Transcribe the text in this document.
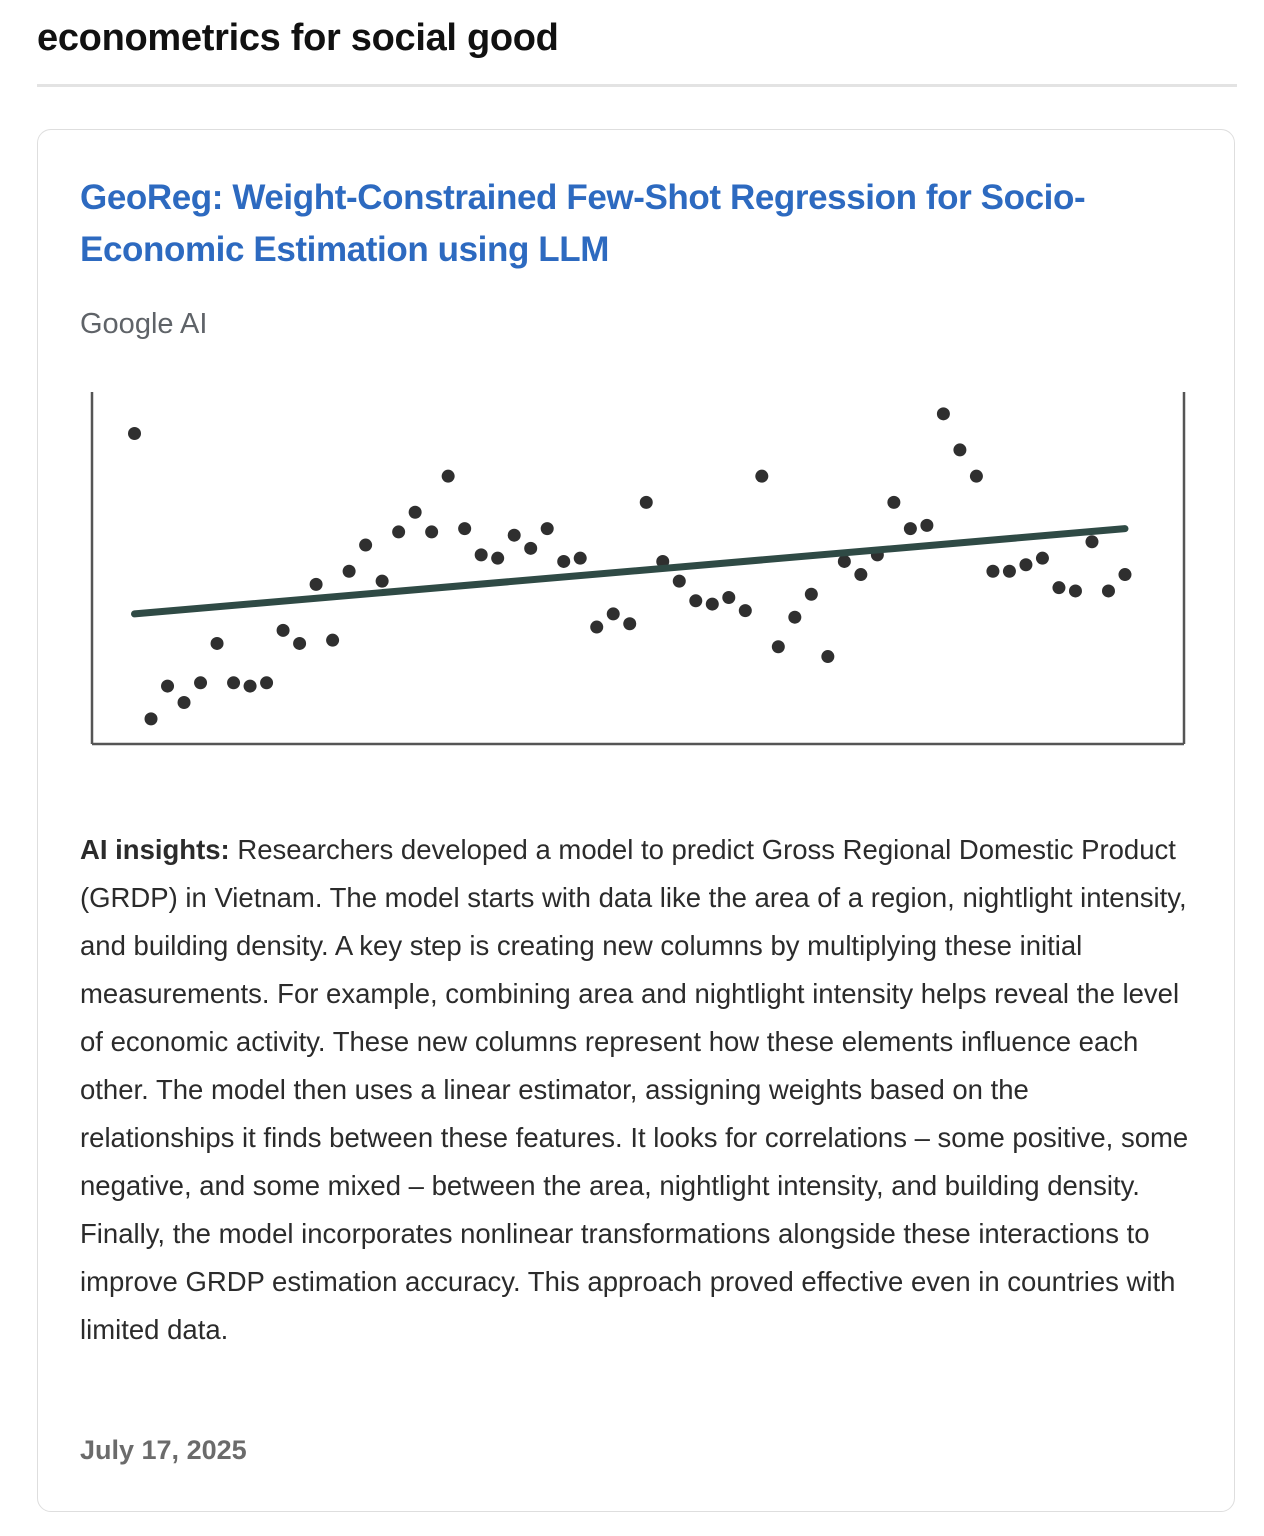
econometrics for social good
GeoReg: Weight-Constrained Few-Shot Regression for Socio-Economic Estimation using LLM
Google AI
AI insights: Researchers developed a model to predict Gross Regional Domestic Product (GRDP) in Vietnam. The model starts with data like the area of a region, nightlight intensity, and building density. A key step is creating new columns by multiplying these initial measurements. For example, combining area and nightlight intensity helps reveal the level of economic activity. These new columns represent how these elements influence each other. The model then uses a linear estimator, assigning weights based on the relationships it finds between these features. It looks for correlations – some positive, some negative, and some mixed – between the area, nightlight intensity, and building density. Finally, the model incorporates nonlinear transformations alongside these interactions to improve GRDP estimation accuracy. This approach proved effective even in countries with limited data.
July 17, 2025
